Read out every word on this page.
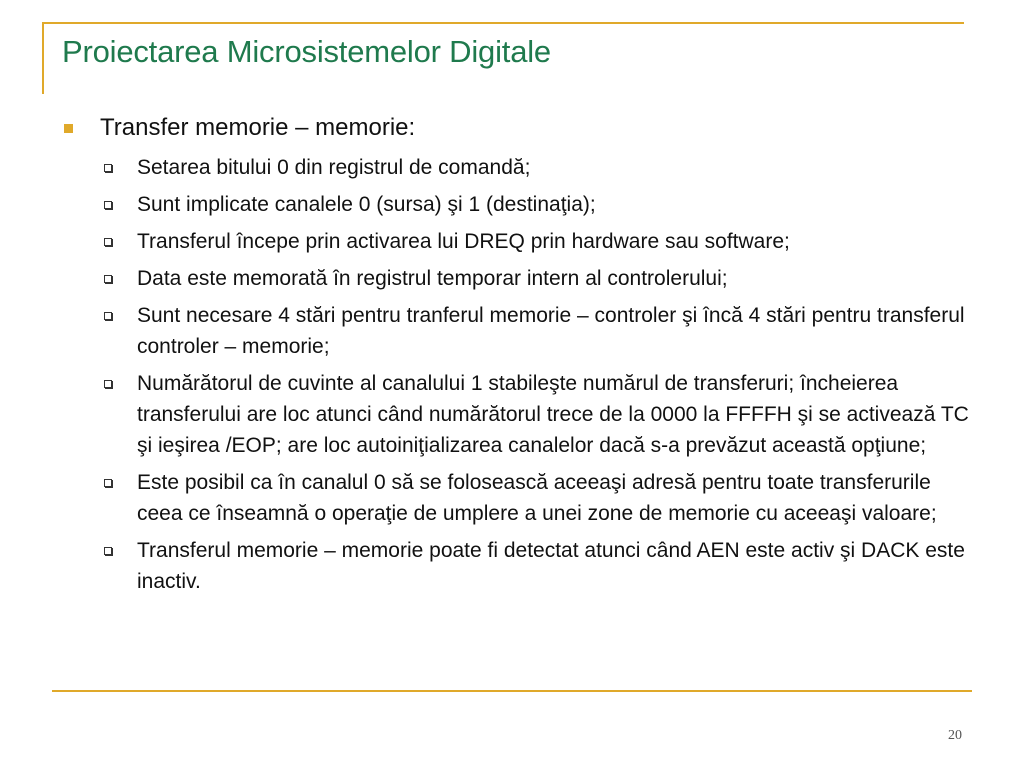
Proiectarea Microsistemelor Digitale
Transfer memorie – memorie:
Setarea bitului 0 din registrul de comandă;
Sunt implicate canalele 0 (sursa) şi 1 (destinaţia);
Transferul începe prin activarea lui DREQ prin hardware sau software;
Data este memorată în registrul temporar intern al controlerului;
Sunt necesare 4 stări pentru tranferul memorie – controler şi încă 4 stări pentru transferul controler – memorie;
Numărătorul de cuvinte al canalului 1 stabileşte numărul de transferuri; încheierea transferului are loc atunci când numărătorul trece de la 0000 la FFFFH şi se activează TC şi ieşirea /EOP; are loc autoiniţializarea canalelor dacă s-a prevăzut această opţiune;
Este posibil ca în canalul 0 să se folosească aceeaşi adresă pentru toate transferurile ceea ce înseamnă o operaţie de umplere a unei zone de memorie cu aceeaşi valoare;
Transferul memorie – memorie poate fi detectat atunci când AEN este activ şi DACK este inactiv.
20
